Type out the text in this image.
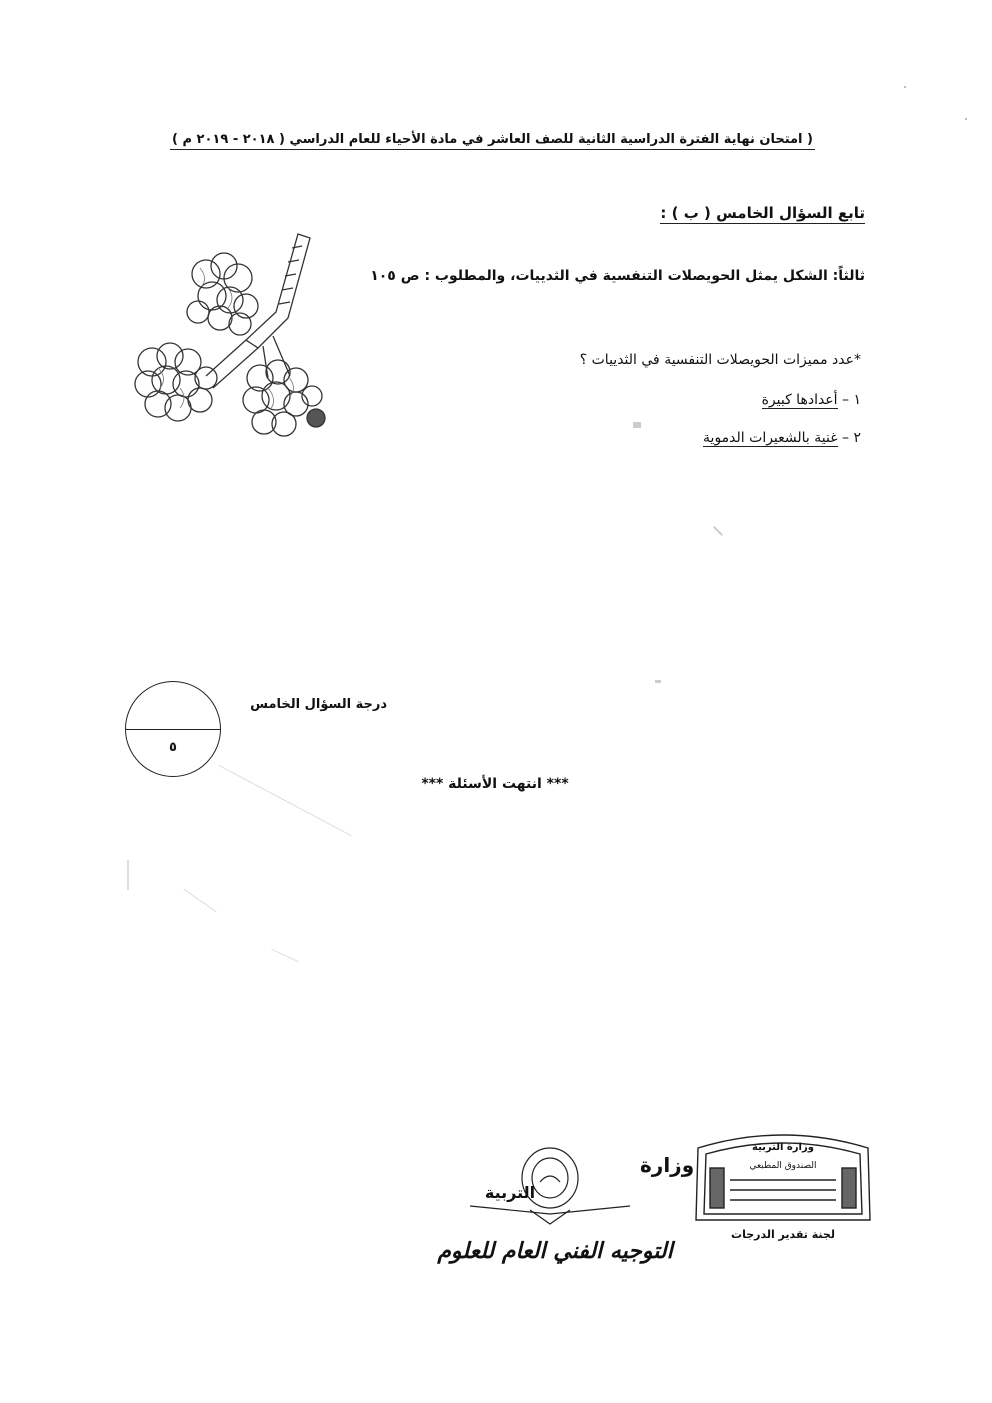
( امتحان نهاية الفترة الدراسية الثانية للصف العاشر في مادة الأحياء للعام الدراسي ( ٢٠١٨ - ٢٠١٩ م )
تابع السؤال الخامس ( ب ) :
ثالثاً: الشكل يمثل الحويصلات التنفسية في الثدييات، والمطلوب : ص ١٠٥
*عدد مميزات الحويصلات التنفسية في الثدييات ؟
١ – أعدادها كبيرة
٢ – غنية بالشعيرات الدموية
درجة السؤال الخامس
٥
*** انتهت الأسئلة ***
وزارة
التربية
التوجيه الفني العام للعلوم
وزارة التربية
الصندوق المطبعي
لجنة تقدير الدرجات
